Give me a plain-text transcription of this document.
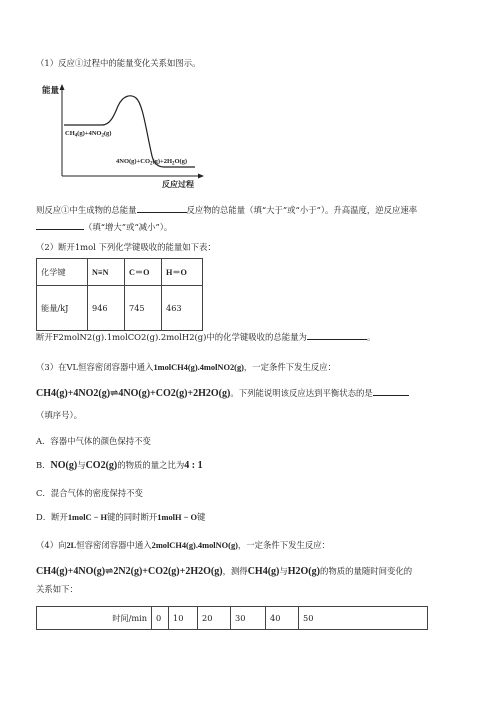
（1）反应①过程中的能量变化关系如图示。
能量
$CH_4(g)+4NO_2(g)$
$4NO(g)+CO_2(g)+2H_2O(g)$
反应过程
则反应①中生成物的总能量	反应物的总能量（填“大于”或“小于”）。升高温度，逆反应速率
（填“增大”或“减小”）。
（2）断开1mol 下列化学键吸收的能量如下表：
化学键	N≡N	C＝O	H＝O
能量/kJ	946	745	463
断开F2molN2(g).1molCO2(g).2molH2(g)中的化学键吸收的总能量为	。
（3）在VL恒容密闭容器中通入1molCH4(g).4molNO2(g)，一定条件下发生反应：
CH4(g)+4NO2(g)⇌4NO(g)+CO2(g)+2H2O(g)。下列能说明该反应达到平衡状态的是
（填序号）。
A．容器中气体的颜色保持不变
B．NO(g)与CO2(g)的物质的量之比为4 : 1
C．混合气体的密度保持不变
D．断开1molC − H键的同时断开1molH − O键
（4）向2L恒容密闭容器中通入2molCH4(g).4molNO(g)，一定条件下发生反应：
CH4(g)+4NO(g)⇌2N2(g)+CO2(g)+2H2O(g)，测得CH4(g)与H2O(g)的物质的量随时间变化的
关系如下：
时间/min	0	10	20	30	40	50
